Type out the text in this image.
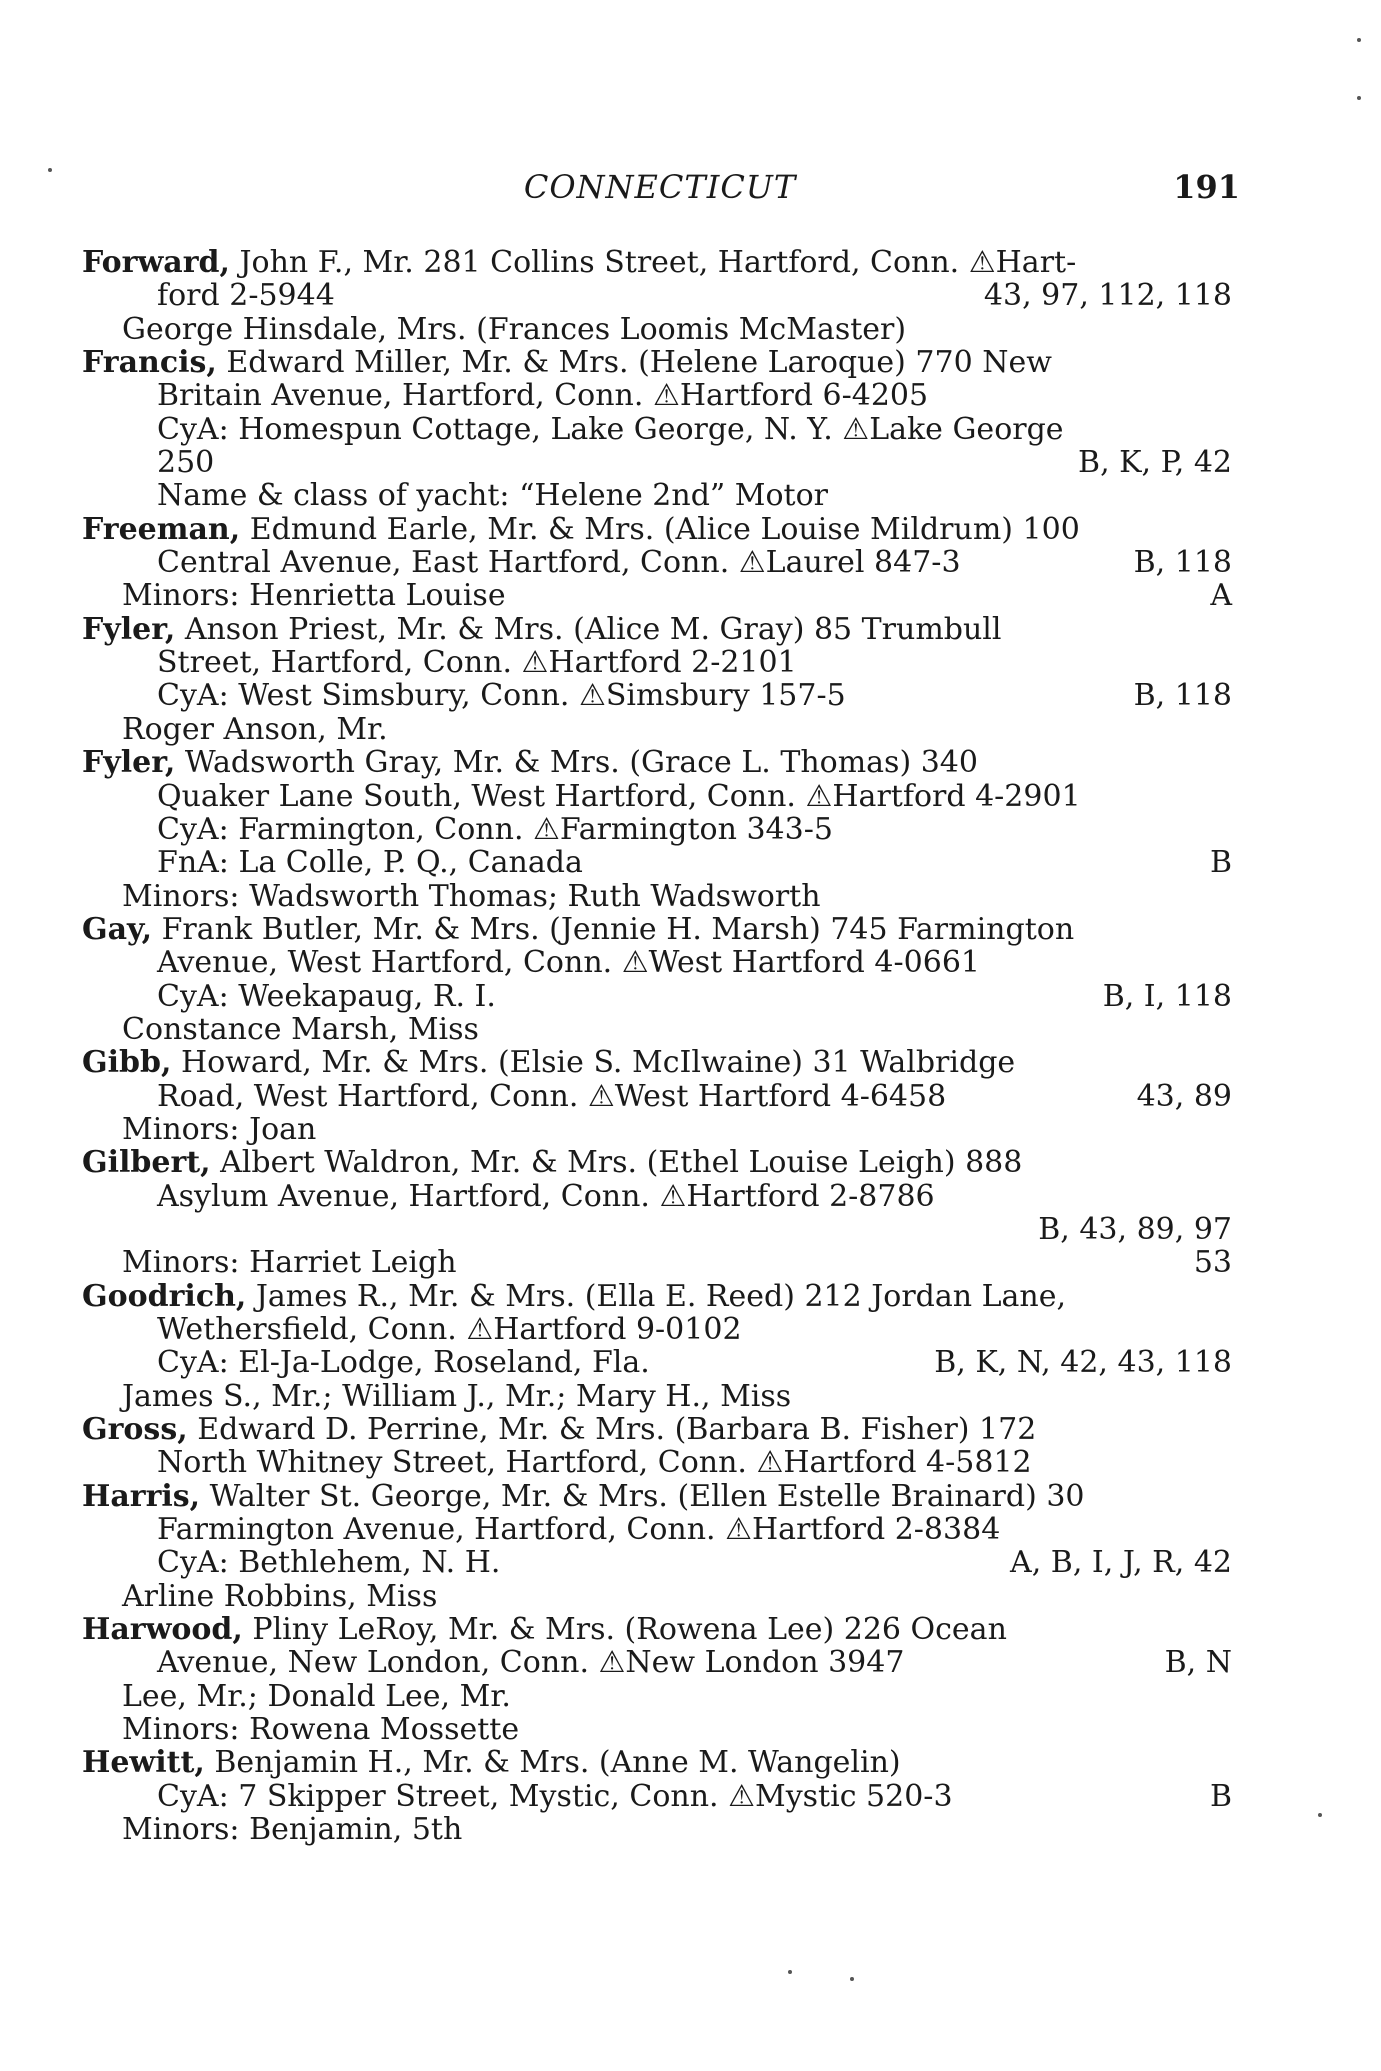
CONNECTICUT	191
Forward, John F., Mr. 281 Collins Street, Hartford, Conn. ⚠Hart-
ford 2-5944	43, 97, 112, 118
George Hinsdale, Mrs. (Frances Loomis McMaster)
Francis, Edward Miller, Mr. & Mrs. (Helene Laroque) 770 New
Britain Avenue, Hartford, Conn. ⚠Hartford 6-4205
CyA: Homespun Cottage, Lake George, N. Y. ⚠Lake George
250	B, K, P, 42
Name & class of yacht: “Helene 2nd” Motor
Freeman, Edmund Earle, Mr. & Mrs. (Alice Louise Mildrum) 100
Central Avenue, East Hartford, Conn. ⚠Laurel 847-3	B, 118
Minors: Henrietta Louise	A
Fyler, Anson Priest, Mr. & Mrs. (Alice M. Gray) 85 Trumbull
Street, Hartford, Conn. ⚠Hartford 2-2101
CyA: West Simsbury, Conn. ⚠Simsbury 157-5	B, 118
Roger Anson, Mr.
Fyler, Wadsworth Gray, Mr. & Mrs. (Grace L. Thomas) 340
Quaker Lane South, West Hartford, Conn. ⚠Hartford 4-2901
CyA: Farmington, Conn. ⚠Farmington 343-5
FnA: La Colle, P. Q., Canada	B
Minors: Wadsworth Thomas; Ruth Wadsworth
Gay, Frank Butler, Mr. & Mrs. (Jennie H. Marsh) 745 Farmington
Avenue, West Hartford, Conn. ⚠West Hartford 4-0661
CyA: Weekapaug, R. I.	B, I, 118
Constance Marsh, Miss
Gibb, Howard, Mr. & Mrs. (Elsie S. McIlwaine) 31 Walbridge
Road, West Hartford, Conn. ⚠West Hartford 4-6458	43, 89
Minors: Joan
Gilbert, Albert Waldron, Mr. & Mrs. (Ethel Louise Leigh) 888
Asylum Avenue, Hartford, Conn. ⚠Hartford 2-8786
B, 43, 89, 97
Minors: Harriet Leigh	53
Goodrich, James R., Mr. & Mrs. (Ella E. Reed) 212 Jordan Lane,
Wethersfield, Conn. ⚠Hartford 9-0102
CyA: El-Ja-Lodge, Roseland, Fla.	B, K, N, 42, 43, 118
James S., Mr.; William J., Mr.; Mary H., Miss
Gross, Edward D. Perrine, Mr. & Mrs. (Barbara B. Fisher) 172
North Whitney Street, Hartford, Conn. ⚠Hartford 4-5812
Harris, Walter St. George, Mr. & Mrs. (Ellen Estelle Brainard) 30
Farmington Avenue, Hartford, Conn. ⚠Hartford 2-8384
CyA: Bethlehem, N. H.	A, B, I, J, R, 42
Arline Robbins, Miss
Harwood, Pliny LeRoy, Mr. & Mrs. (Rowena Lee) 226 Ocean
Avenue, New London, Conn. ⚠New London 3947	B, N
Lee, Mr.; Donald Lee, Mr.
Minors: Rowena Mossette
Hewitt, Benjamin H., Mr. & Mrs. (Anne M. Wangelin)
CyA: 7 Skipper Street, Mystic, Conn. ⚠Mystic 520-3	B
Minors: Benjamin, 5th
